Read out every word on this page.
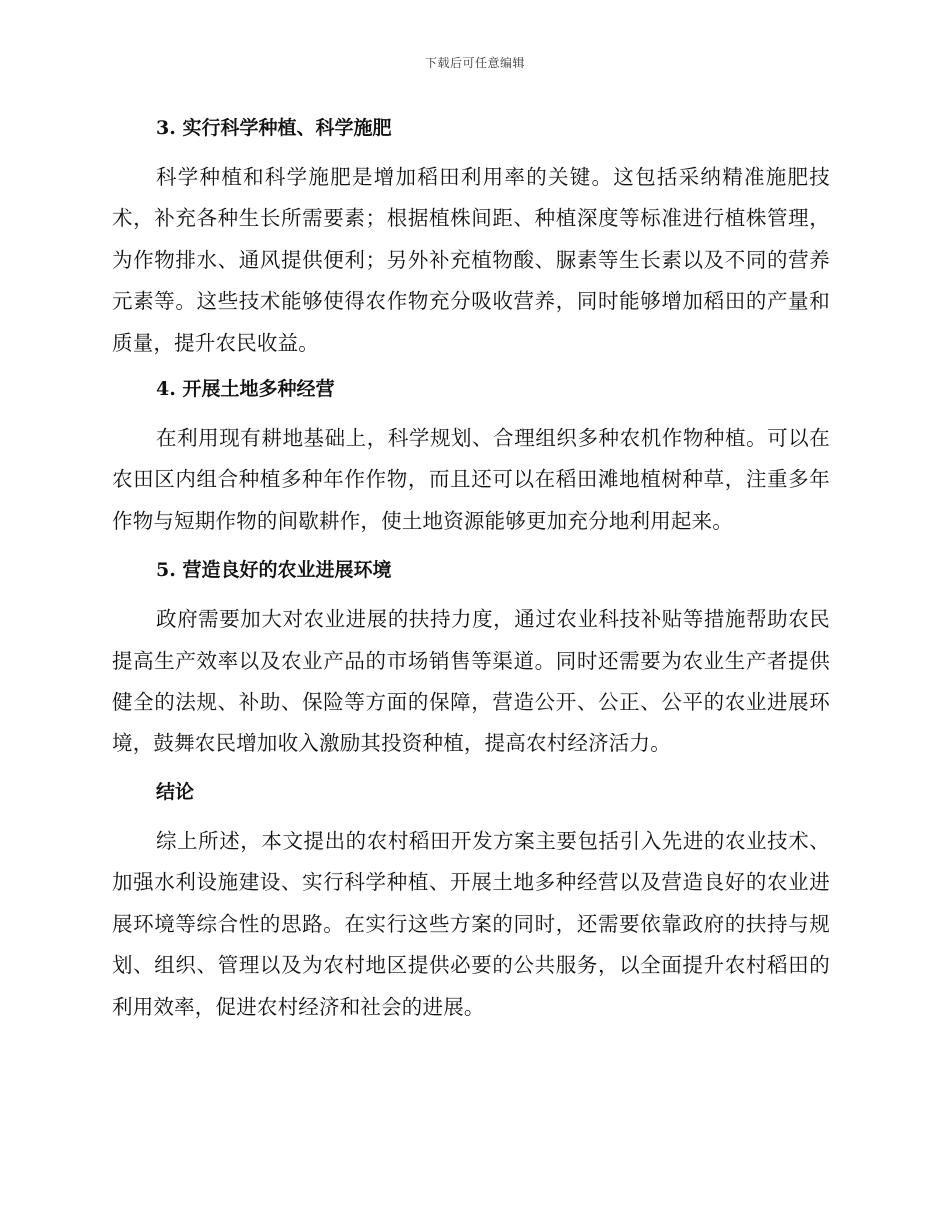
下载后可任意编辑
3. 实行科学种植、科学施肥

科学种植和科学施肥是增加稻田利用率的关键。这包括采纳精准施肥技术，补充各种生长所需要素；根据植株间距、种植深度等标准进行植株管理，为作物排水、通风提供便利；另外补充植物酸、脲素等生长素以及不同的营养元素等。这些技术能够使得农作物充分吸收营养，同时能够增加稻田的产量和质量，提升农民收益。

4. 开展土地多种经营

在利用现有耕地基础上，科学规划、合理组织多种农机作物种植。可以在农田区内组合种植多种年作作物，而且还可以在稻田滩地植树种草，注重多年作物与短期作物的间歇耕作，使土地资源能够更加充分地利用起来。

5. 营造良好的农业进展环境

政府需要加大对农业进展的扶持力度，通过农业科技补贴等措施帮助农民提高生产效率以及农业产品的市场销售等渠道。同时还需要为农业生产者提供健全的法规、补助、保险等方面的保障，营造公开、公正、公平的农业进展环境，鼓舞农民增加收入激励其投资种植，提高农村经济活力。

结论

综上所述，本文提出的农村稻田开发方案主要包括引入先进的农业技术、加强水利设施建设、实行科学种植、开展土地多种经营以及营造良好的农业进展环境等综合性的思路。在实行这些方案的同时，还需要依靠政府的扶持与规划、组织、管理以及为农村地区提供必要的公共服务，以全面提升农村稻田的利用效率，促进农村经济和社会的进展。
